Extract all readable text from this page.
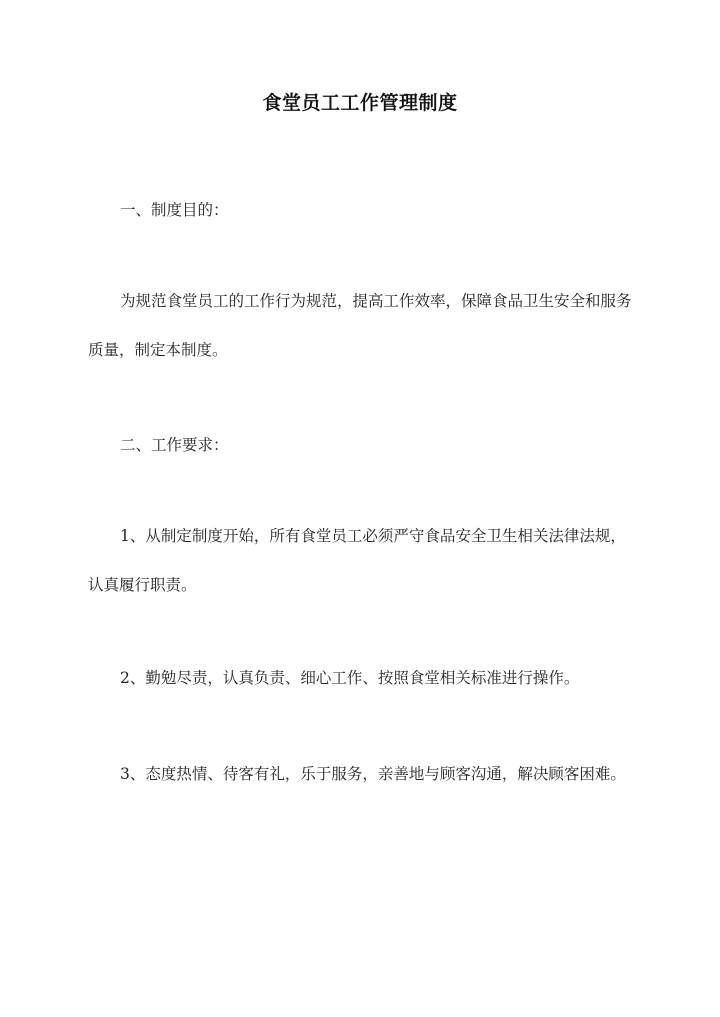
食堂员工工作管理制度
一、制度目的：

为规范食堂员工的工作行为规范，提高工作效率，保障食品卫生安全和服务质量，制定本制度。

二、工作要求：

1、从制定制度开始，所有食堂员工必须严守食品安全卫生相关法律法规，认真履行职责。

2、勤勉尽责，认真负责、细心工作、按照食堂相关标准进行操作。

3、态度热情、待客有礼，乐于服务，亲善地与顾客沟通，解决顾客困难。
